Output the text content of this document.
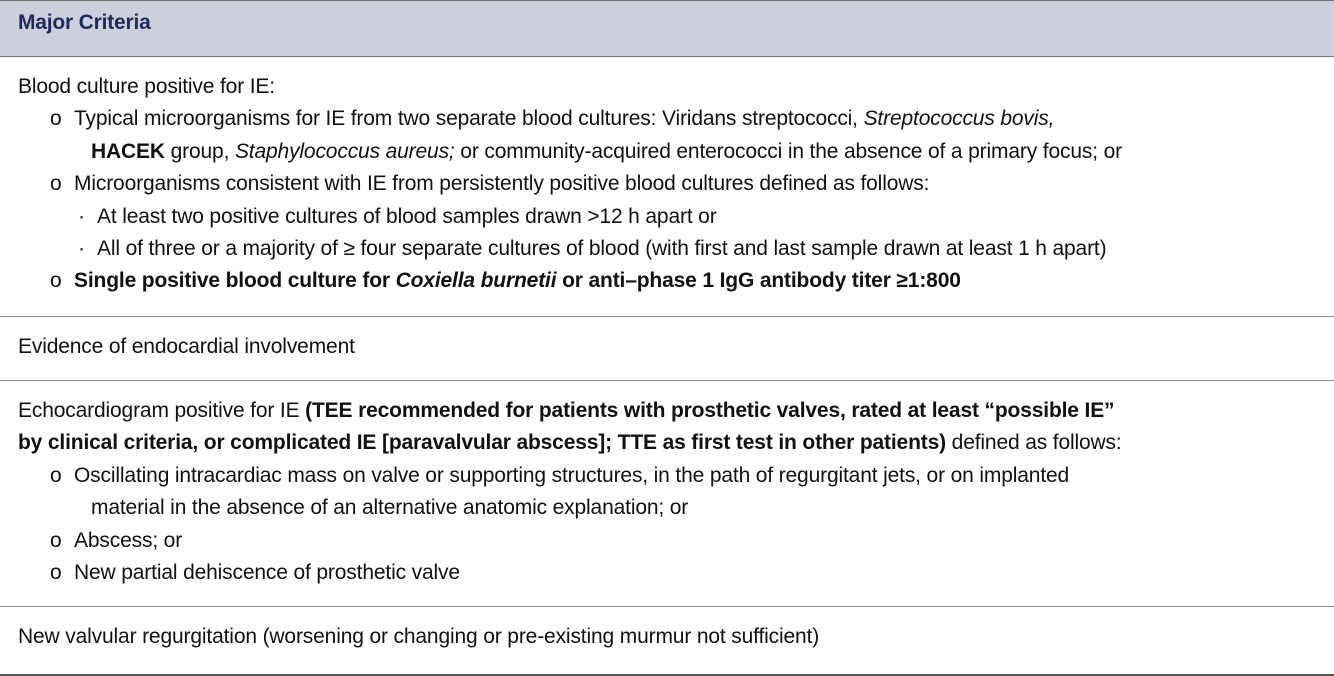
Major Criteria
Blood culture positive for IE:
o Typical microorganisms for IE from two separate blood cultures: Viridans streptococci, Streptococcus bovis,
HACEK group, Staphylococcus aureus; or community-acquired enterococci in the absence of a primary focus; or
o Microorganisms consistent with IE from persistently positive blood cultures defined as follows:
· At least two positive cultures of blood samples drawn >12 h apart or
· All of three or a majority of ≥ four separate cultures of blood (with first and last sample drawn at least 1 h apart)
o Single positive blood culture for Coxiella burnetii or anti–phase 1 IgG antibody titer ≥1:800
Evidence of endocardial involvement
Echocardiogram positive for IE (TEE recommended for patients with prosthetic valves, rated at least “possible IE”
by clinical criteria, or complicated IE [paravalvular abscess]; TTE as first test in other patients) defined as follows:
o Oscillating intracardiac mass on valve or supporting structures, in the path of regurgitant jets, or on implanted
material in the absence of an alternative anatomic explanation; or
o Abscess; or
o New partial dehiscence of prosthetic valve
New valvular regurgitation (worsening or changing or pre-existing murmur not sufficient)
